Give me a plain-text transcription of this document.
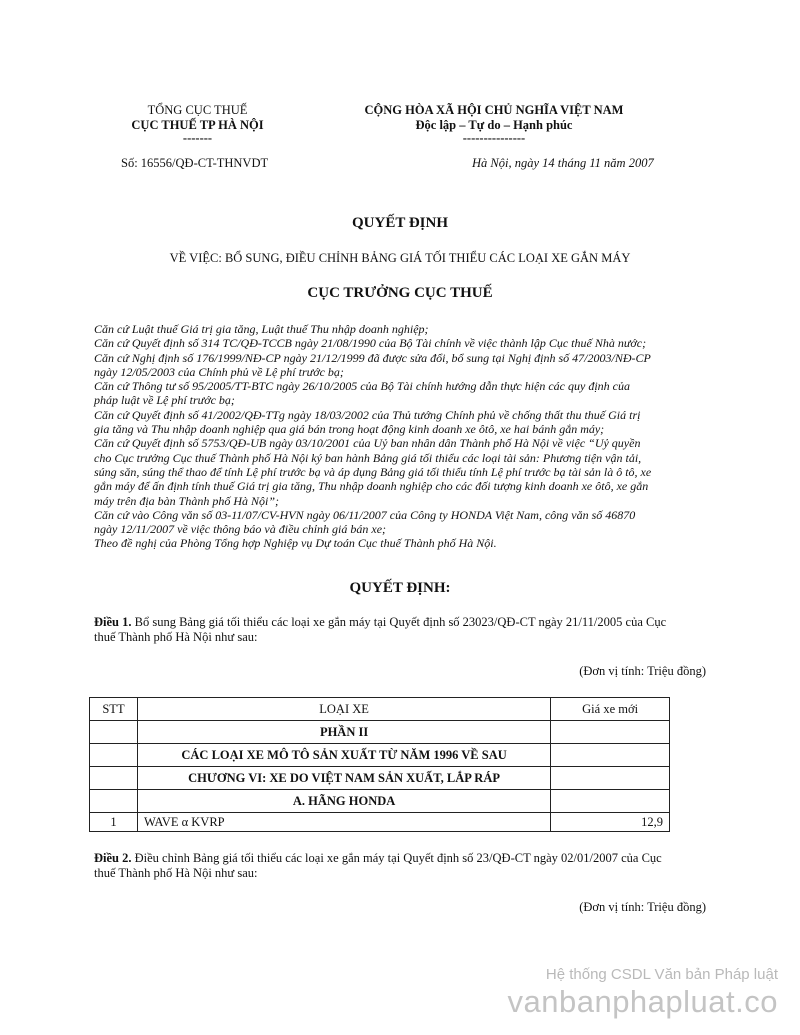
TỔNG CỤC THUẾ
CỤC THUẾ TP HÀ NỘI
-------
CỘNG HÒA XÃ HỘI CHỦ NGHĨA VIỆT NAM
Độc lập – Tự do – Hạnh phúc
---------------
Số: 16556/QĐ-CT-THNVDT	Hà Nội, ngày 14 tháng 11 năm 2007
QUYẾT ĐỊNH
VỀ VIỆC: BỔ SUNG, ĐIỀU CHỈNH BẢNG GIÁ TỐI THIỂU CÁC LOẠI XE GẮN MÁY
CỤC TRƯỞNG CỤC THUẾ
Căn cứ Luật thuế Giá trị gia tăng, Luật thuế Thu nhập doanh nghiệp;
Căn cứ Quyết định số 314 TC/QĐ-TCCB ngày 21/08/1990 của Bộ Tài chính về việc thành lập Cục thuế Nhà nước;
Căn cứ Nghị định số 176/1999/NĐ-CP ngày 21/12/1999 đã được sửa đổi, bổ sung tại Nghị định số 47/2003/NĐ-CP
ngày 12/05/2003 của Chính phủ về Lệ phí trước bạ;
Căn cứ Thông tư số 95/2005/TT-BTC ngày 26/10/2005 của Bộ Tài chính hướng dẫn thực hiện các quy định của
pháp luật về Lệ phí trước bạ;
Căn cứ Quyết định số 41/2002/QĐ-TTg ngày 18/03/2002 của Thủ tướng Chính phủ về chống thất thu thuế Giá trị
gia tăng và Thu nhập doanh nghiệp qua giá bán trong hoạt động kinh doanh xe ôtô, xe hai bánh gắn máy;
Căn cứ Quyết định số 5753/QĐ-UB ngày 03/10/2001 của Uỷ ban nhân dân Thành phố Hà Nội về việc “Uỷ quyền
cho Cục trưởng Cục thuế Thành phố Hà Nội ký ban hành Bảng giá tối thiểu các loại tài sản: Phương tiện vận tải,
súng săn, súng thể thao để tính Lệ phí trước bạ và áp dụng Bảng giá tối thiểu tính Lệ phí trước bạ tài sản là ô tô, xe
gắn máy để ấn định tính thuế Giá trị gia tăng, Thu nhập doanh nghiệp cho các đối tượng kinh doanh xe ôtô, xe gắn
máy trên địa bàn Thành phố Hà Nội”;
Căn cứ vào Công văn số 03-11/07/CV-HVN ngày 06/11/2007 của Công ty HONDA Việt Nam, công văn số 46870
ngày 12/11/2007 về việc thông báo và điều chỉnh giá bán xe;
Theo đề nghị của Phòng Tổng hợp Nghiệp vụ Dự toán Cục thuế Thành phố Hà Nội.
QUYẾT ĐỊNH:
Điều 1. Bổ sung Bảng giá tối thiểu các loại xe gắn máy tại Quyết định số 23023/QĐ-CT ngày 21/11/2005 của Cục
thuế Thành phố Hà Nội như sau:
(Đơn vị tính: Triệu đồng)
STT	LOẠI XE	Giá xe mới
	PHẦN II	
	CÁC LOẠI XE MÔ TÔ SẢN XUẤT TỪ NĂM 1996 VỀ SAU	
	CHƯƠNG VI: XE DO VIỆT NAM SẢN XUẤT, LẮP RÁP	
	A. HÃNG HONDA	
1	WAVE α KVRP	12,9
Điều 2. Điều chỉnh Bảng giá tối thiểu các loại xe gắn máy tại Quyết định số 23/QĐ-CT ngày 02/01/2007 của Cục
thuế Thành phố Hà Nội như sau:
(Đơn vị tính: Triệu đồng)
Hệ thống CSDL Văn bản Pháp luật
vanbanphapluat.co
